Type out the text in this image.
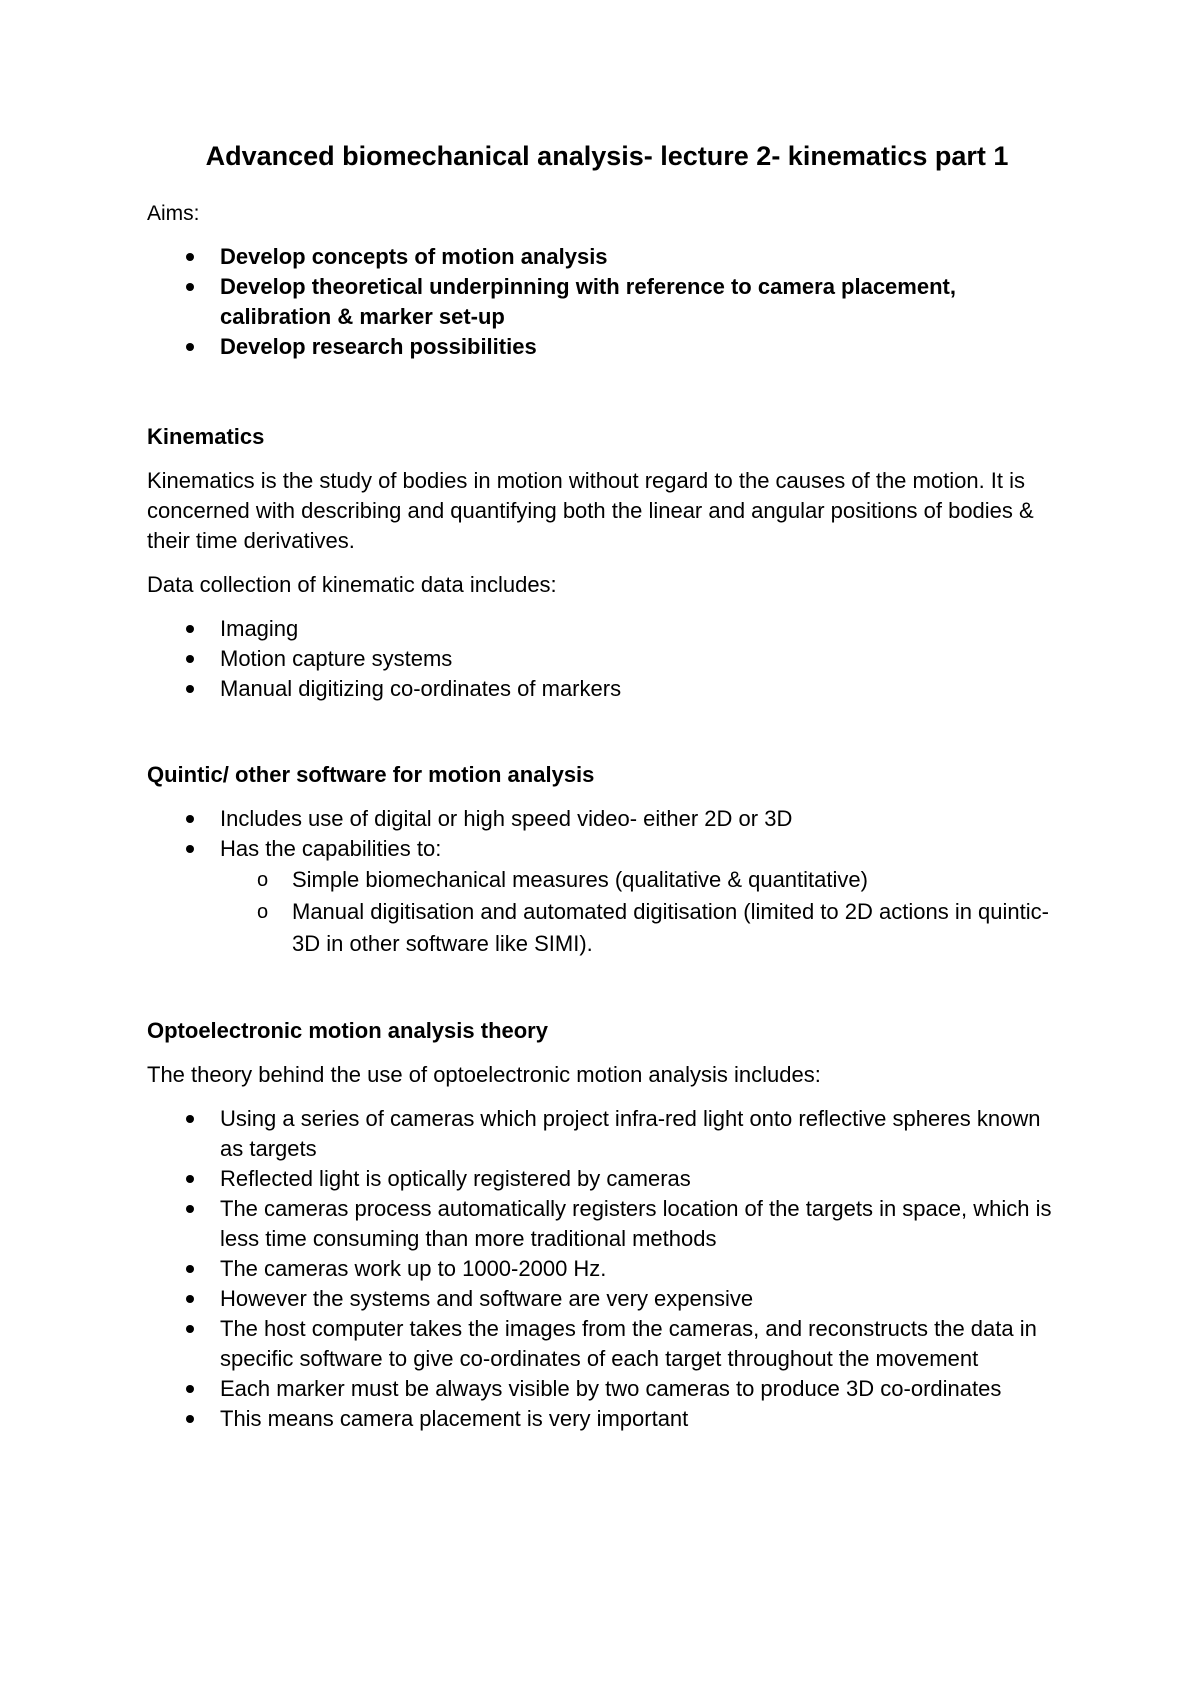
Advanced biomechanical analysis- lecture 2- kinematics part 1

Aims:

Develop concepts of motion analysis
Develop theoretical underpinning with reference to camera placement, calibration & marker set-up
Develop research possibilities
Kinematics

Kinematics is the study of bodies in motion without regard to the causes of the motion. It is concerned with describing and quantifying both the linear and angular positions of bodies & their time derivatives.

Data collection of kinematic data includes:

Imaging
Motion capture systems
Manual digitizing co-ordinates of markers
Quintic/ other software for motion analysis
Includes use of digital or high speed video- either 2D or 3D
Has the capabilities to:
o Simple biomechanical measures (qualitative & quantitative)
o Manual digitisation and automated digitisation (limited to 2D actions in quintic- 3D in other software like SIMI).
Optoelectronic motion analysis theory

The theory behind the use of optoelectronic motion analysis includes:

Using a series of cameras which project infra-red light onto reflective spheres known as targets
Reflected light is optically registered by cameras
The cameras process automatically registers location of the targets in space, which is less time consuming than more traditional methods
The cameras work up to 1000-2000 Hz.
However the systems and software are very expensive
The host computer takes the images from the cameras, and reconstructs the data in specific software to give co-ordinates of each target throughout the movement
Each marker must be always visible by two cameras to produce 3D co-ordinates
This means camera placement is very important
